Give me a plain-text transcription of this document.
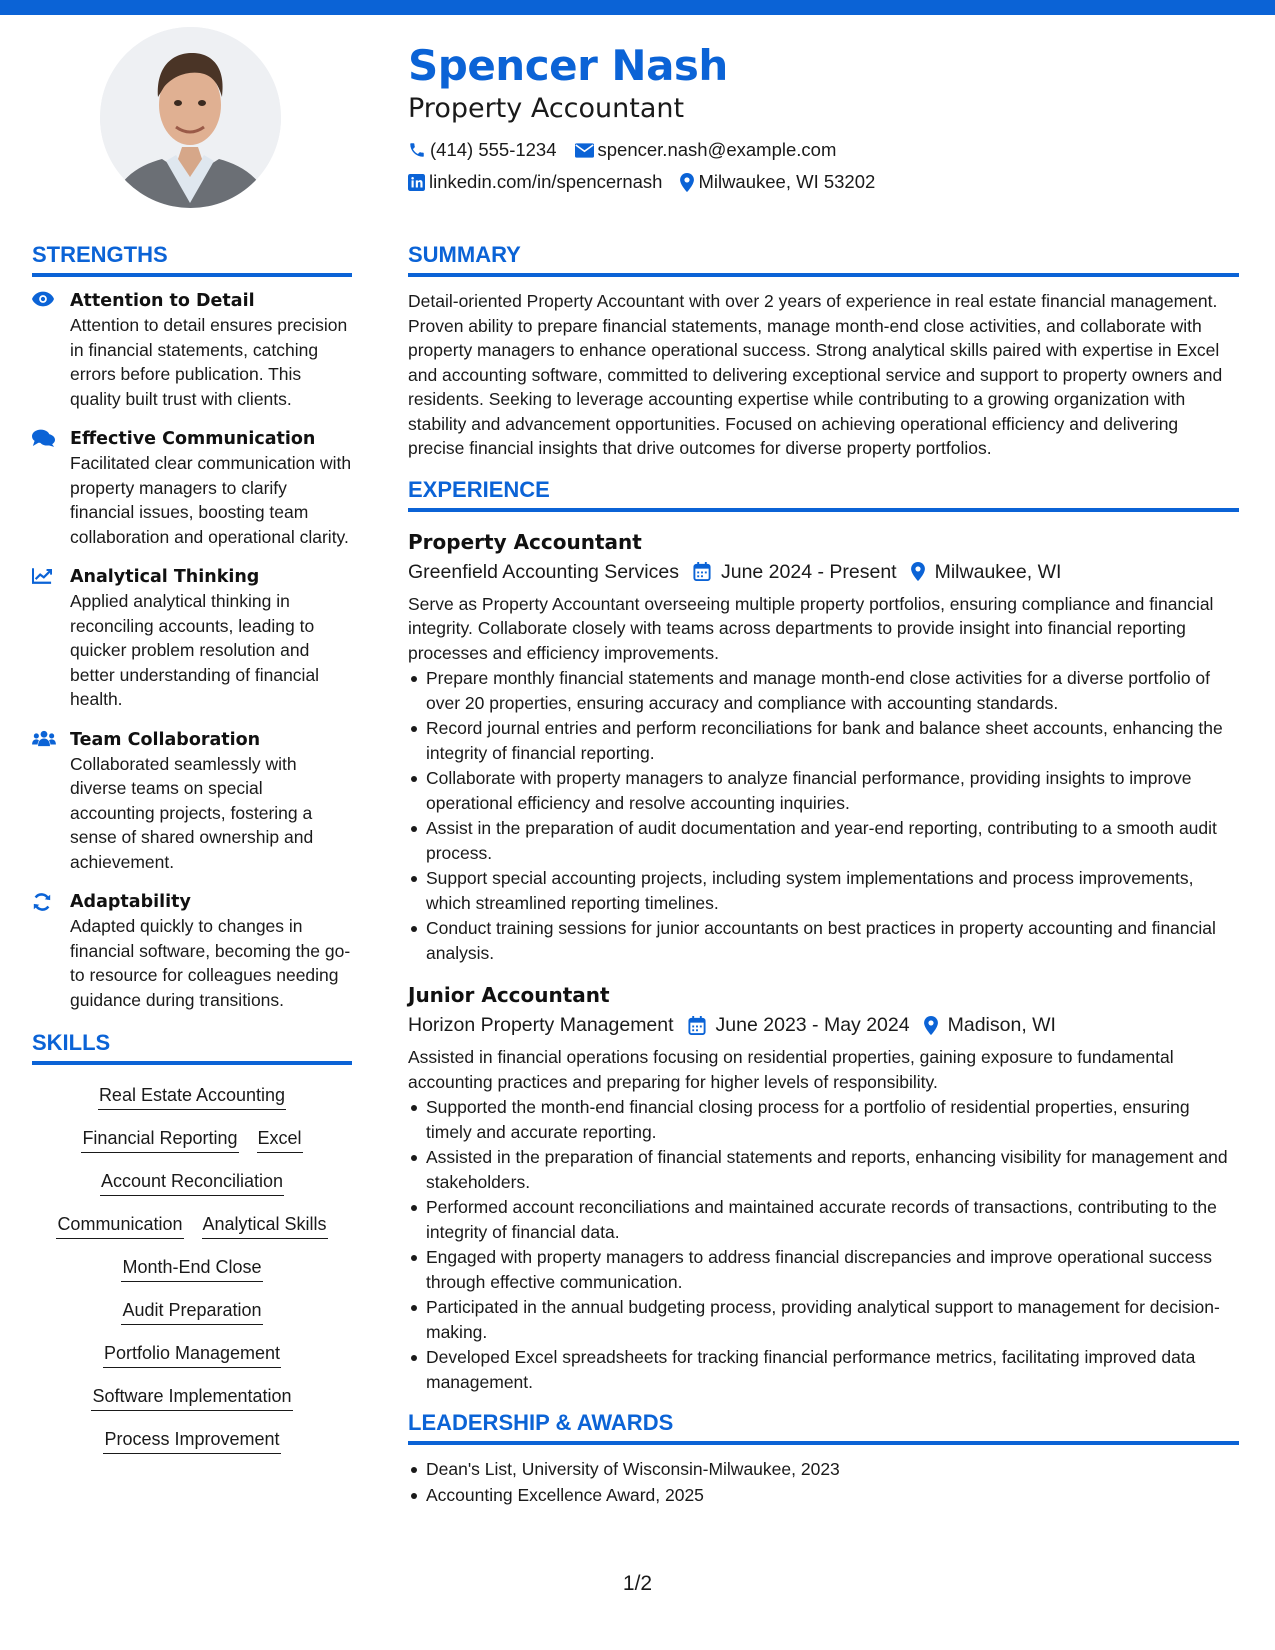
Spencer Nash
Property Accountant
(414) 555-1234 spencer.nash@example.com
linkedin.com/in/spencernash Milwaukee, WI 53202
STRENGTHS
Attention to Detail
Attention to detail ensures precision in financial statements, catching errors before publication. This quality built trust with clients.
Effective Communication
Facilitated clear communication with property managers to clarify financial issues, boosting team collaboration and operational clarity.
Analytical Thinking
Applied analytical thinking in reconciling accounts, leading to quicker problem resolution and better understanding of financial health.
Team Collaboration
Collaborated seamlessly with diverse teams on special accounting projects, fostering a sense of shared ownership and achievement.
Adaptability
Adapted quickly to changes in financial software, becoming the go-to resource for colleagues needing guidance during transitions.
SKILLS
Real Estate Accounting
Financial Reporting Excel
Account Reconciliation
Communication Analytical Skills
Month-End Close
Audit Preparation
Portfolio Management
Software Implementation
Process Improvement
SUMMARY
Detail-oriented Property Accountant with over 2 years of experience in real estate financial management. Proven ability to prepare financial statements, manage month-end close activities, and collaborate with property managers to enhance operational success. Strong analytical skills paired with expertise in Excel and accounting software, committed to delivering exceptional service and support to property owners and residents. Seeking to leverage accounting expertise while contributing to a growing organization with stability and advancement opportunities. Focused on achieving operational efficiency and delivering precise financial insights that drive outcomes for diverse property portfolios.
EXPERIENCE
Property Accountant
Greenfield Accounting Services June 2024 - Present Milwaukee, WI
Serve as Property Accountant overseeing multiple property portfolios, ensuring compliance and financial integrity. Collaborate closely with teams across departments to provide insight into financial reporting processes and efficiency improvements.
Prepare monthly financial statements and manage month-end close activities for a diverse portfolio of over 20 properties, ensuring accuracy and compliance with accounting standards.
Record journal entries and perform reconciliations for bank and balance sheet accounts, enhancing the integrity of financial reporting.
Collaborate with property managers to analyze financial performance, providing insights to improve operational efficiency and resolve accounting inquiries.
Assist in the preparation of audit documentation and year-end reporting, contributing to a smooth audit process.
Support special accounting projects, including system implementations and process improvements, which streamlined reporting timelines.
Conduct training sessions for junior accountants on best practices in property accounting and financial analysis.
Junior Accountant
Horizon Property Management June 2023 - May 2024 Madison, WI
Assisted in financial operations focusing on residential properties, gaining exposure to fundamental accounting practices and preparing for higher levels of responsibility.
Supported the month-end financial closing process for a portfolio of residential properties, ensuring timely and accurate reporting.
Assisted in the preparation of financial statements and reports, enhancing visibility for management and stakeholders.
Performed account reconciliations and maintained accurate records of transactions, contributing to the integrity of financial data.
Engaged with property managers to address financial discrepancies and improve operational success through effective communication.
Participated in the annual budgeting process, providing analytical support to management for decision-making.
Developed Excel spreadsheets for tracking financial performance metrics, facilitating improved data management.
LEADERSHIP & AWARDS
Dean's List, University of Wisconsin-Milwaukee, 2023
Accounting Excellence Award, 2025
1/2
